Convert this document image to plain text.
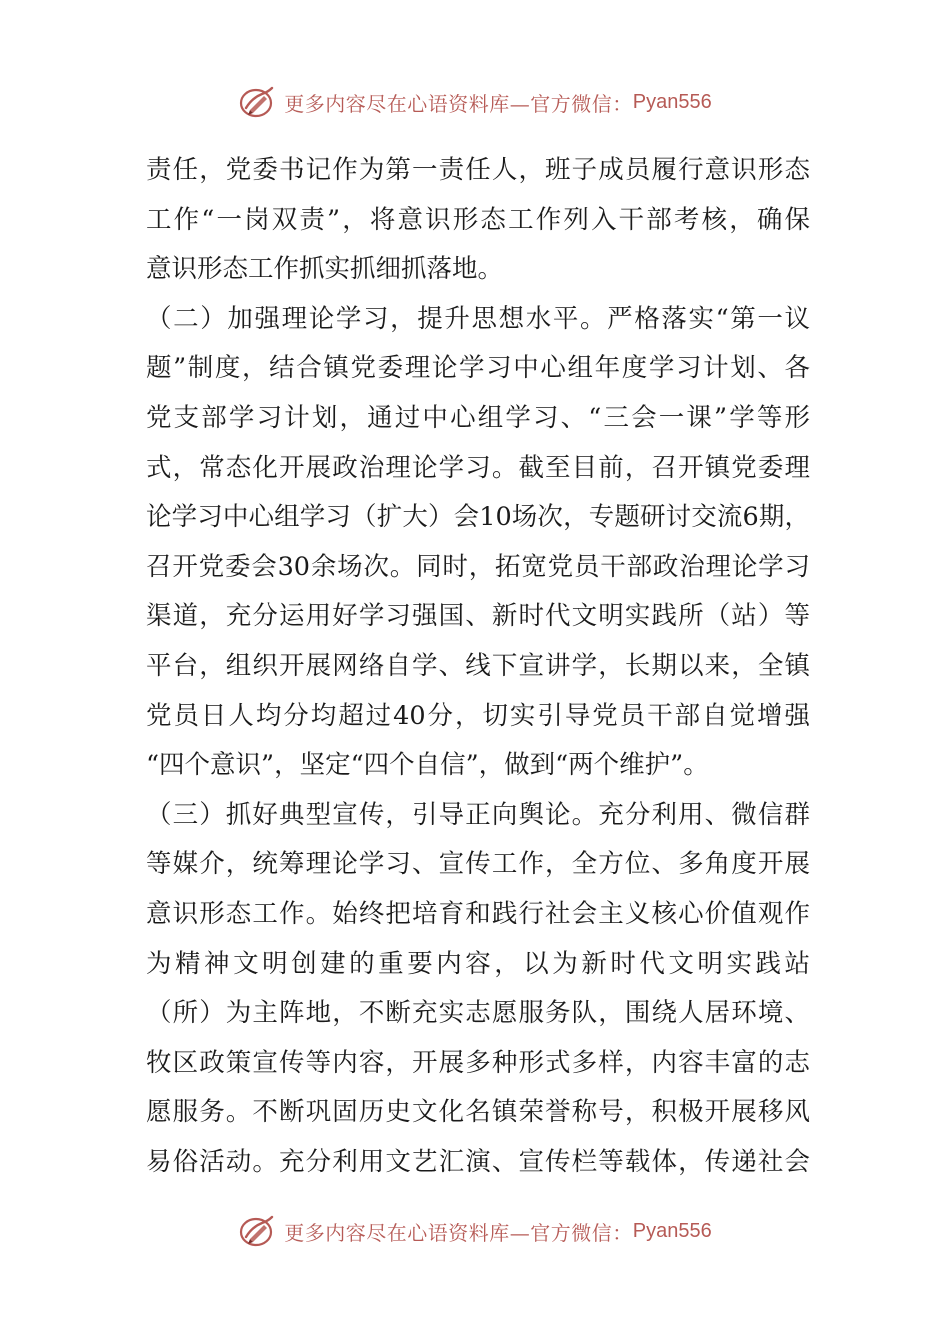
更多内容尽在心语资料库—官方微信： Pyan556
责任，党委书记作为第一责任人，班子成员履行意识形态
工作“一岗双责”，将意识形态工作列入干部考核，确保
意识形态工作抓实抓细抓落地。
（二）加强理论学习，提升思想水平。严格落实“第一议
题”制度，结合镇党委理论学习中心组年度学习计划、各
党支部学习计划，通过中心组学习、“三会一课”学等形
式，常态化开展政治理论学习。截至目前，召开镇党委理
论学习中心组学习（扩大）会10场次，专题研讨交流6期，
召开党委会30余场次。同时，拓宽党员干部政治理论学习
渠道，充分运用好学习强国、新时代文明实践所（站）等
平台，组织开展网络自学、线下宣讲学，长期以来，全镇
党员日人均分均超过40分，切实引导党员干部自觉增强
“四个意识”，坚定“四个自信”，做到“两个维护”。
（三）抓好典型宣传，引导正向舆论。充分利用、微信群
等媒介，统筹理论学习、宣传工作，全方位、多角度开展
意识形态工作。始终把培育和践行社会主义核心价值观作
为精神文明创建的重要内容，以为新时代文明实践站
（所）为主阵地，不断充实志愿服务队，围绕人居环境、
牧区政策宣传等内容，开展多种形式多样，内容丰富的志
愿服务。不断巩固历史文化名镇荣誉称号，积极开展移风
易俗活动。充分利用文艺汇演、宣传栏等载体，传递社会
更多内容尽在心语资料库—官方微信： Pyan556
